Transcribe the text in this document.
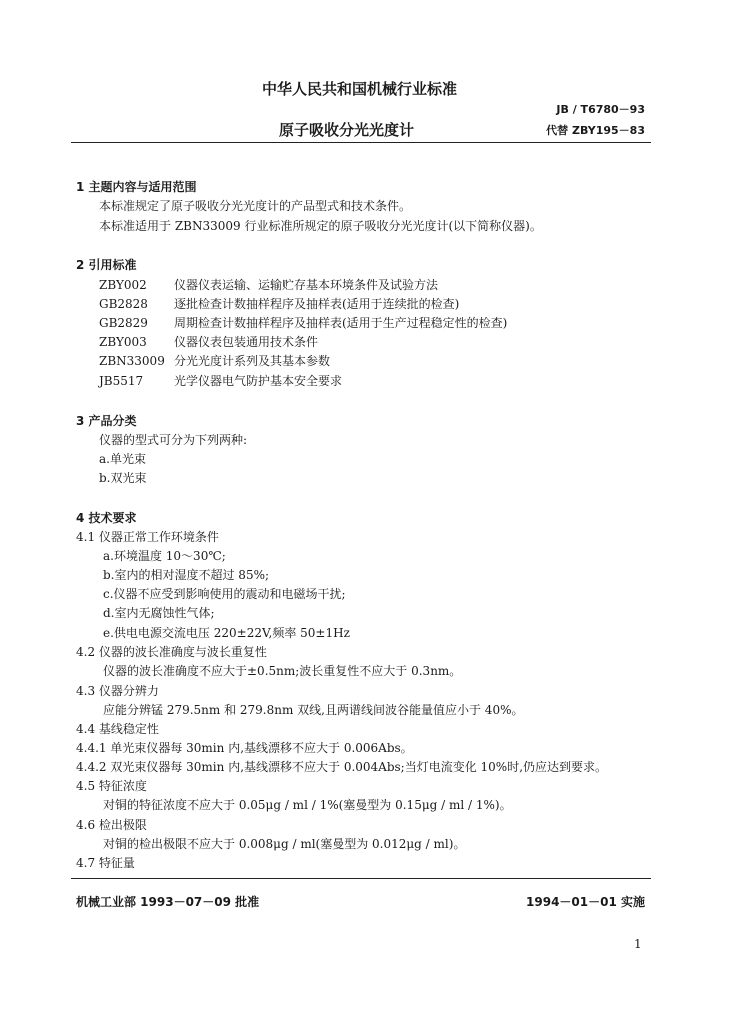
中华人民共和国机械行业标准
JB / T6780－93
原子吸收分光光度计	代替 ZBY195－83
1 主题内容与适用范围
本标准规定了原子吸收分光光度计的产品型式和技术条件。
本标准适用于 ZBN33009 行业标准所规定的原子吸收分光光度计(以下简称仪器)。
2 引用标准
ZBY002 仪器仪表运输、运输贮存基本环境条件及试验方法
GB2828 逐批检查计数抽样程序及抽样表(适用于连续批的检查)
GB2829 周期检查计数抽样程序及抽样表(适用于生产过程稳定性的检查)
ZBY003 仪器仪表包装通用技术条件
ZBN33009 分光光度计系列及其基本参数
JB5517	光学仪器电气防护基本安全要求
3 产品分类
仪器的型式可分为下列两种:
a.单光束
b.双光束
4 技术要求
4.1 仪器正常工作环境条件
a.环境温度 10～30℃;
b.室内的相对湿度不超过 85%;
c.仪器不应受到影响使用的震动和电磁场干扰;
d.室内无腐蚀性气体;
e.供电电源交流电压 220±22V,频率 50±1Hz
4.2 仪器的波长准确度与波长重复性
仪器的波长准确度不应大于±0.5nm;波长重复性不应大于 0.3nm。
4.3 仪器分辨力
应能分辨锰 279.5nm 和 279.8nm 双线,且两谱线间波谷能量值应小于 40%。
4.4 基线稳定性
4.4.1 单光束仪器每 30min 内,基线漂移不应大于 0.006Abs。
4.4.2 双光束仪器每 30min 内,基线漂移不应大于 0.004Abs;当灯电流变化 10%时,仍应达到要求。
4.5 特征浓度
对铜的特征浓度不应大于 0.05μg / ml / 1%(塞曼型为 0.15μg / ml / 1%)。
4.6 检出极限
对铜的检出极限不应大于 0.008μg / ml(塞曼型为 0.012μg / ml)。
4.7 特征量
机械工业部 1993－07－09 批准	1994－01－01 实施
1
